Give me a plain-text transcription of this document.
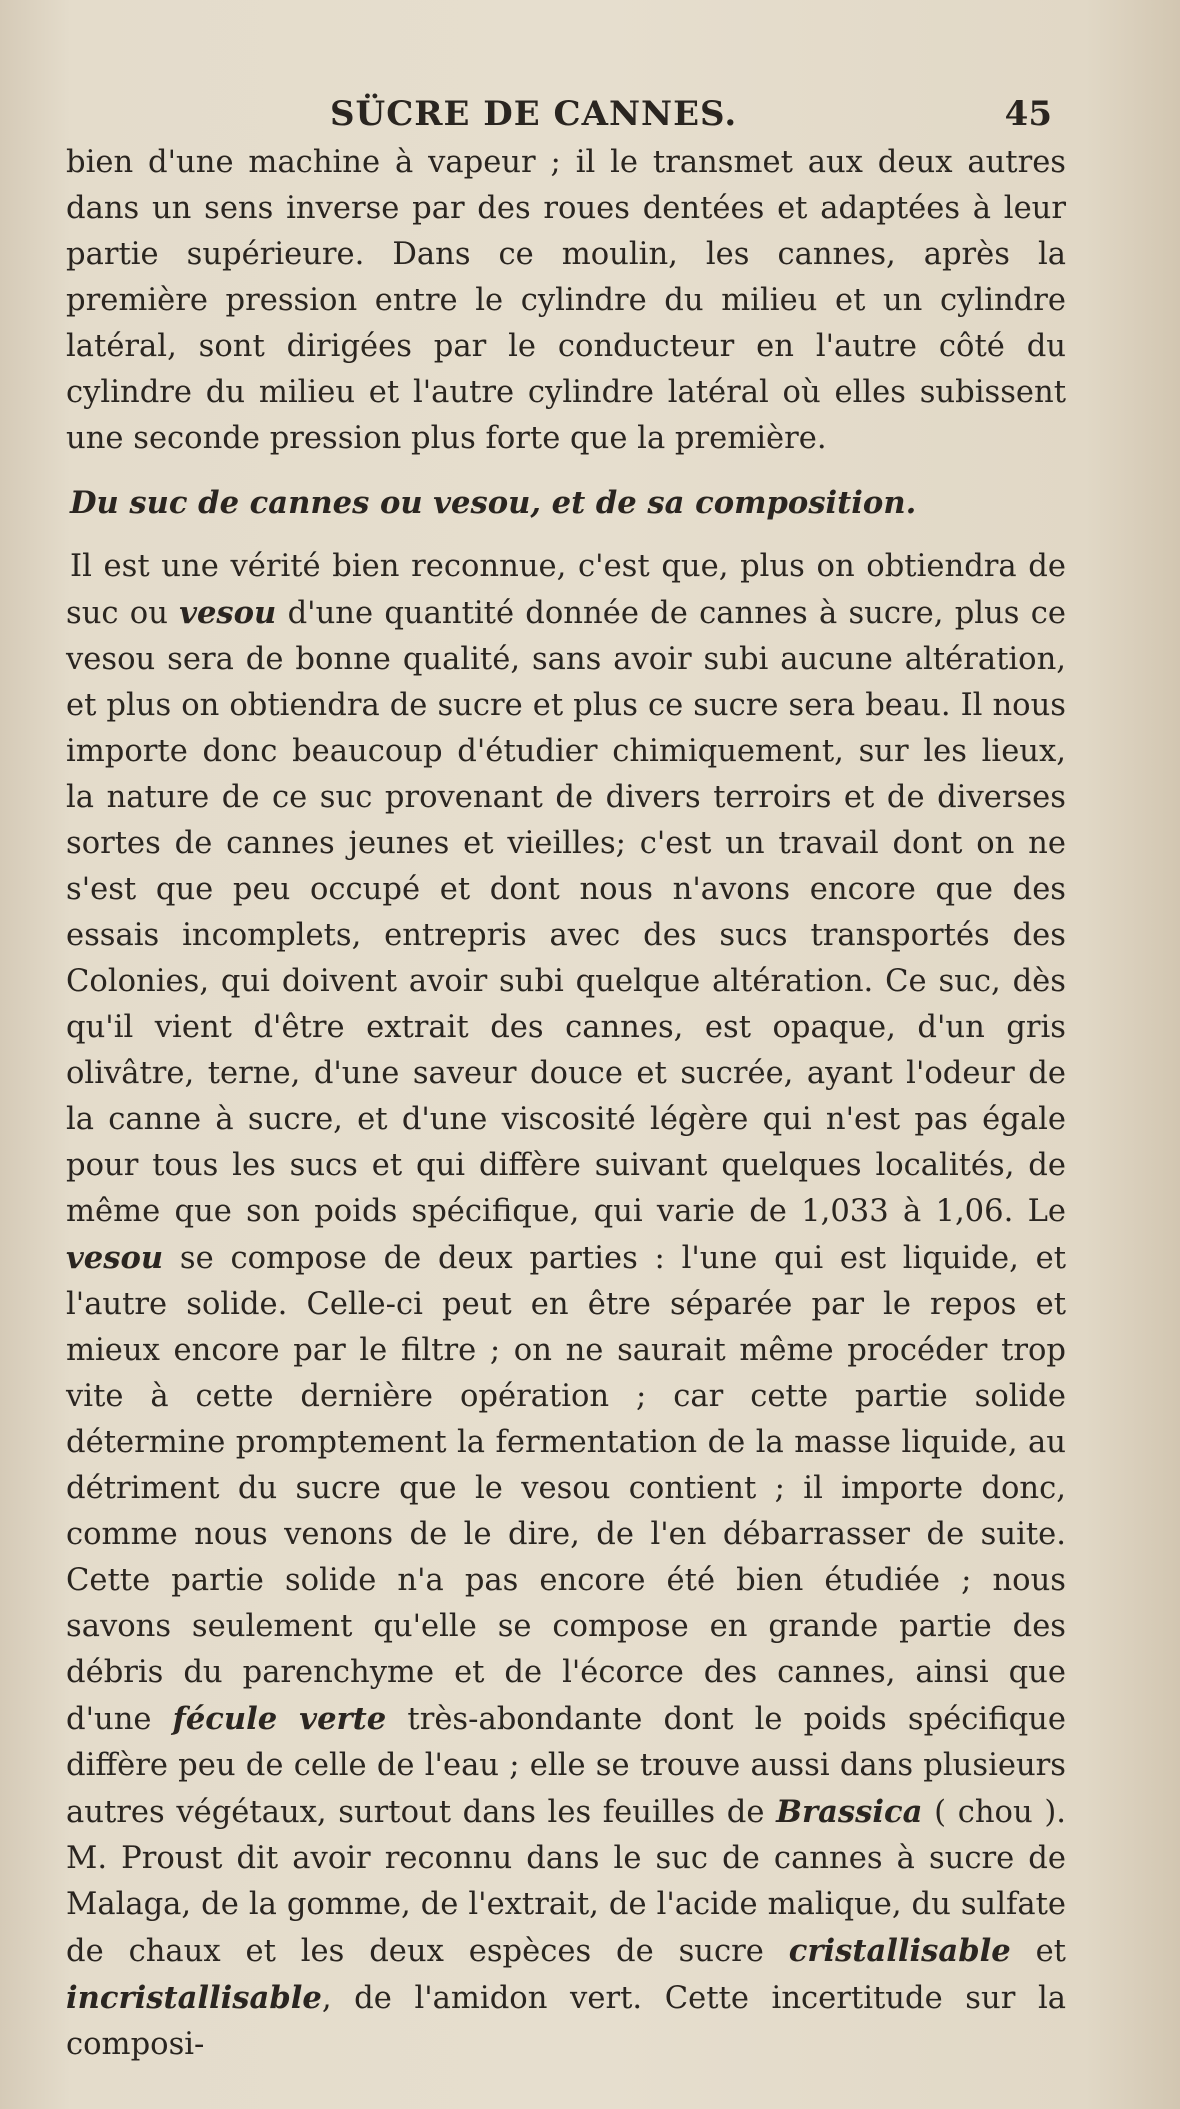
SÜCRE DE CANNES.	45

bien d'une machine à vapeur ; il le transmet aux deux autres dans un sens inverse par des roues dentées et adaptées à leur partie supérieure. Dans ce moulin, les cannes, après la première pression entre le cylindre du milieu et un cylindre latéral, sont dirigées par le conducteur en l'autre côté du cylindre du milieu et l'autre cylindre latéral où elles subissent une seconde pression plus forte que la première.

Du suc de cannes ou vesou, et de sa composition.

Il est une vérité bien reconnue, c'est que, plus on obtiendra de suc ou vesou d'une quantité donnée de cannes à sucre, plus ce vesou sera de bonne qualité, sans avoir subi aucune altération, et plus on obtiendra de sucre et plus ce sucre sera beau. Il nous importe donc beaucoup d'étudier chimiquement, sur les lieux, la nature de ce suc provenant de divers terroirs et de diverses sortes de cannes jeunes et vieilles; c'est un travail dont on ne s'est que peu occupé et dont nous n'avons encore que des essais incomplets, entrepris avec des sucs transportés des Colonies, qui doivent avoir subi quelque altération. Ce suc, dès qu'il vient d'être extrait des cannes, est opaque, d'un gris olivâtre, terne, d'une saveur douce et sucrée, ayant l'odeur de la canne à sucre, et d'une viscosité légère qui n'est pas égale pour tous les sucs et qui diffère suivant quelques localités, de même que son poids spécifique, qui varie de 1,033 à 1,06. Le vesou se compose de deux parties : l'une qui est liquide, et l'autre solide. Celle-ci peut en être séparée par le repos et mieux encore par le filtre ; on ne saurait même procéder trop vite à cette dernière opération ; car cette partie solide détermine promptement la fermentation de la masse liquide, au détriment du sucre que le vesou contient ; il importe donc, comme nous venons de le dire, de l'en débarrasser de suite. Cette partie solide n'a pas encore été bien étudiée ; nous savons seulement qu'elle se compose en grande partie des débris du parenchyme et de l'écorce des cannes, ainsi que d'une fécule verte très-abondante dont le poids spécifique diffère peu de celle de l'eau ; elle se trouve aussi dans plusieurs autres végétaux, surtout dans les feuilles de Brassica ( chou ). M. Proust dit avoir reconnu dans le suc de cannes à sucre de Malaga, de la gomme, de l'extrait, de l'acide malique, du sulfate de chaux et les deux espèces de sucre cristallisable et incristallisable, de l'amidon vert. Cette incertitude sur la composi-
